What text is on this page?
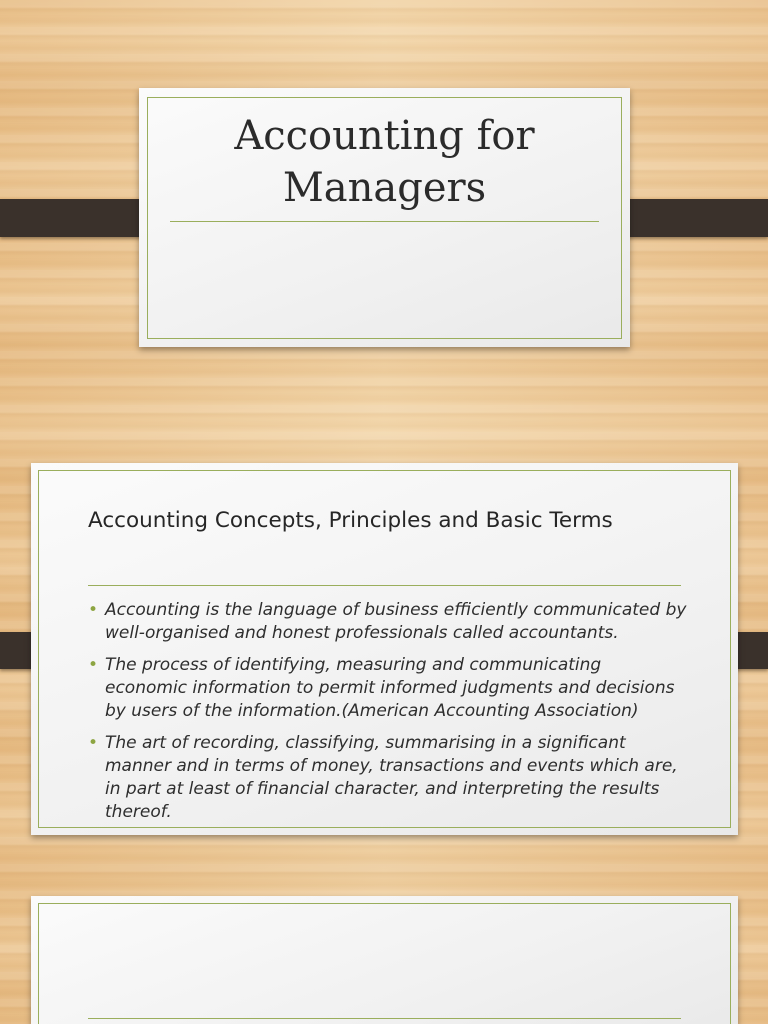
Accounting for
Managers
Accounting Concepts, Principles and Basic Terms
• Accounting is the language of business efficiently communicated by well-organised and honest professionals called accountants.
• The process of identifying, measuring and communicating economic information to permit informed judgments and decisions by users of the information.(American Accounting Association)
• The art of recording, classifying, summarising in a significant manner and in terms of money, transactions and events which are, in part at least of financial character, and interpreting the results thereof.
